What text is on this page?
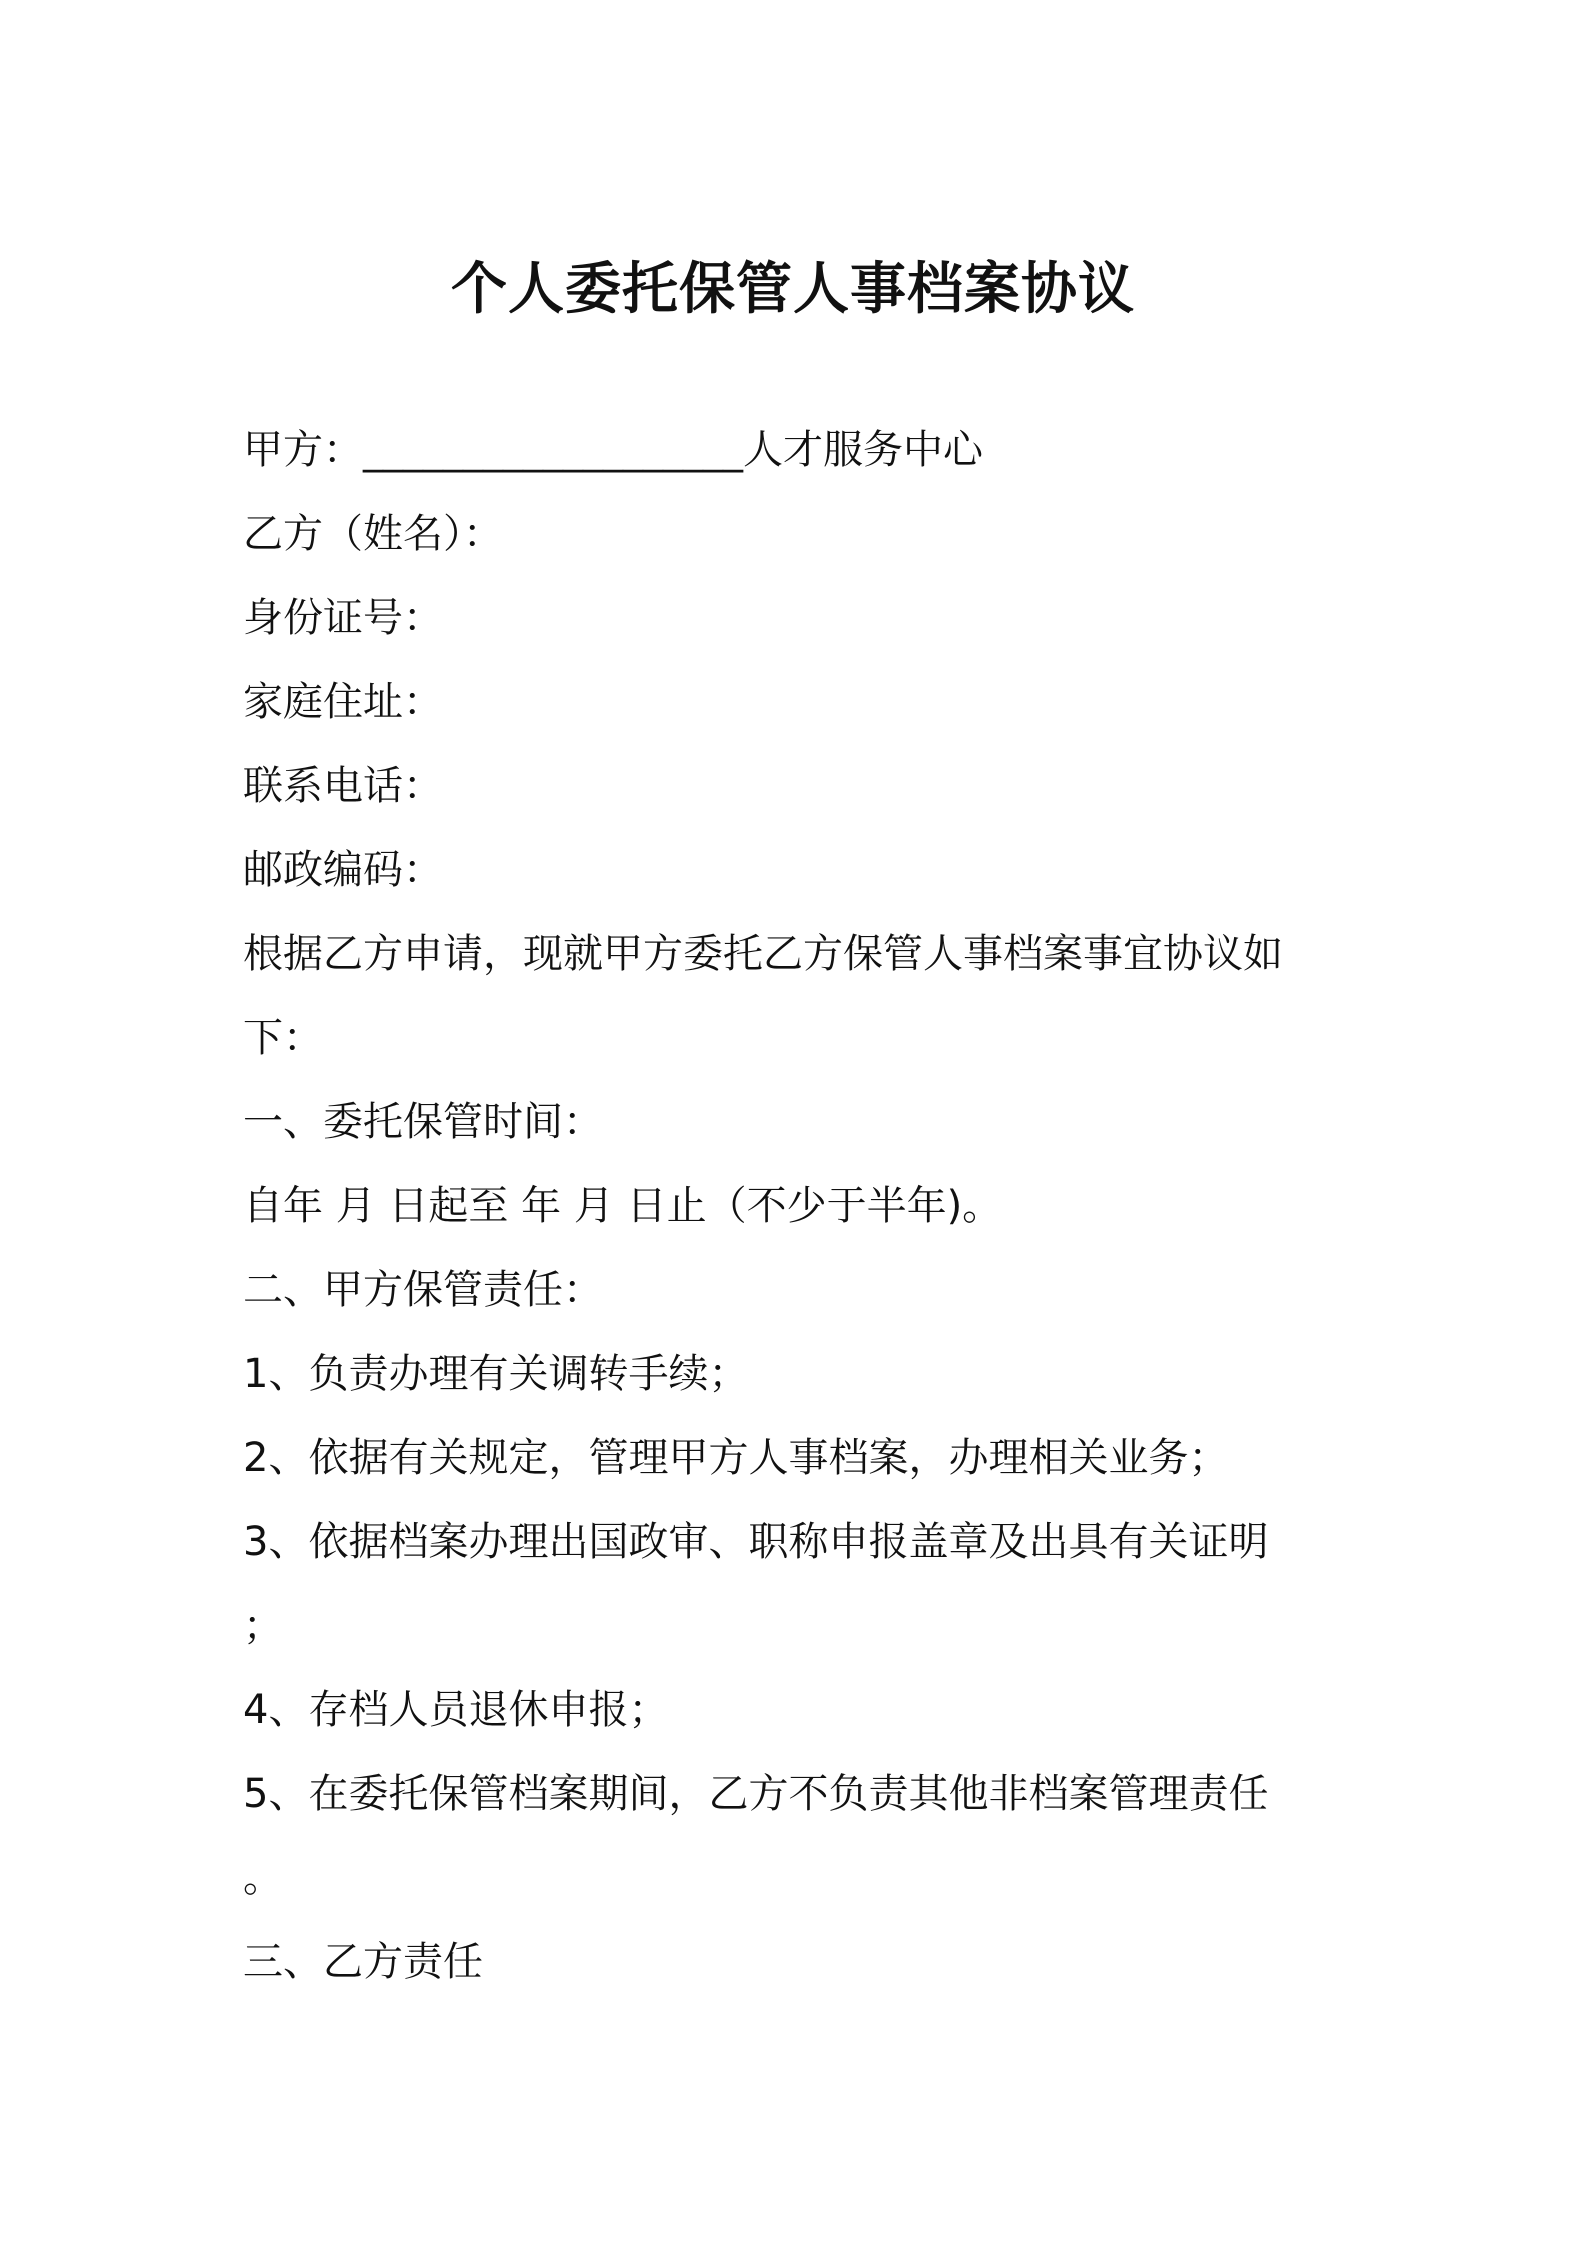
个人委托保管人事档案协议

甲方：___________________人才服务中心

乙方（姓名）：

身份证号：

家庭住址：

联系电话：

邮政编码：

根据乙方申请，现就甲方委托乙方保管人事档案事宜协议如

下：

一、委托保管时间：

自年 月 日起至 年 月 日止（不少于半年)。

二、甲方保管责任：

1、负责办理有关调转手续；

2、依据有关规定，管理甲方人事档案，办理相关业务；

3、依据档案办理出国政审、职称申报盖章及出具有关证明

；

4、存档人员退休申报；

5、在委托保管档案期间，乙方不负责其他非档案管理责任

。

三、乙方责任
